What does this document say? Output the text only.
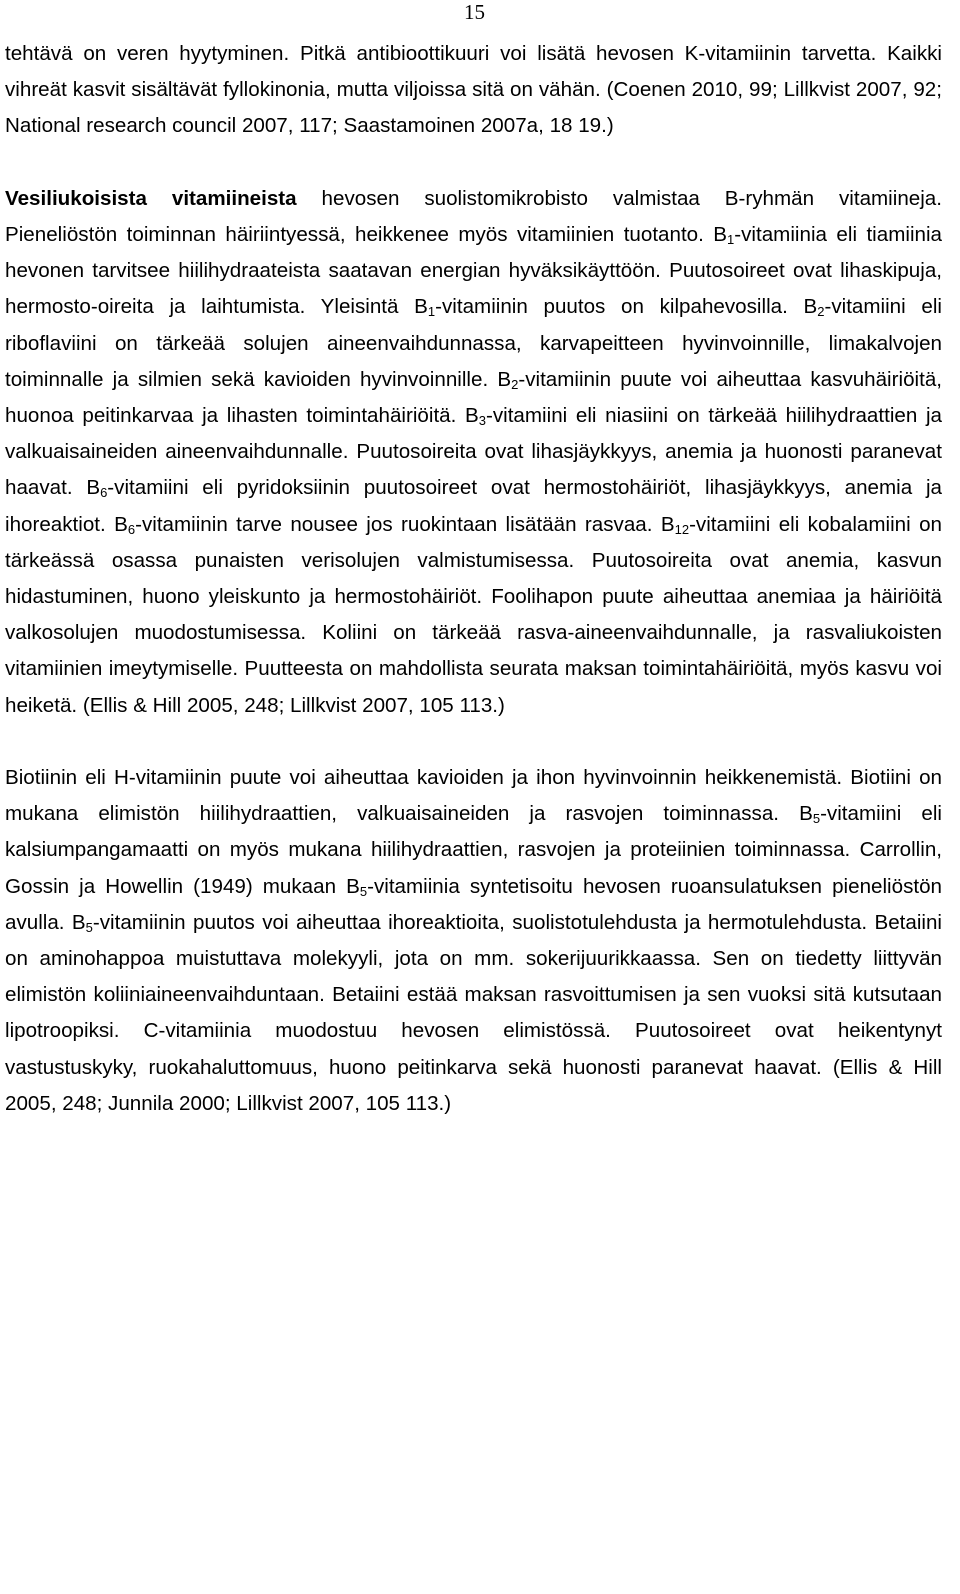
15

tehtävä on veren hyytyminen. Pitkä antibioottikuuri voi lisätä hevosen K-vitamiinin tarvetta. Kaikki vihreät kasvit sisältävät fyllokinonia, mutta viljoissa sitä on vähän. (Coenen 2010, 99; Lillkvist 2007, 92; National research council 2007, 117; Saastamoinen 2007a, 18 19.)

Vesiliukoisista vitamiineista hevosen suolistomikrobisto valmistaa B-ryhmän vitamiineja. Pieneliöstön toiminnan häiriintyessä, heikkenee myös vitamiinien tuotanto. $B_1$-vitamiinia eli tiamiinia hevonen tarvitsee hiilihydraateista saatavan energian hyväksikäyttöön. Puutosoireet ovat lihaskipuja, hermosto-oireita ja laihtumista. Yleisintä $B_1$-vitamiinin puutos on kilpahevosilla. $B_2$-vitamiini eli riboflaviini on tärkeää solujen aineenvaihdunnassa, karvapeitteen hyvinvoinnille, limakalvojen toiminnalle ja silmien sekä kavioiden hyvinvoinnille. $B_2$-vitamiinin puute voi aiheuttaa kasvuhäiriöitä, huonoa peitinkarvaa ja lihasten toimintahäiriöitä. $B_3$-vitamiini eli niasiini on tärkeää hiilihydraattien ja valkuaisaineiden aineenvaihdunnalle. Puutosoireita ovat lihasjäykkyys, anemia ja huonosti paranevat haavat. $B_6$-vitamiini eli pyridoksiinin puutosoireet ovat hermostohäiriöt, lihasjäykkyys, anemia ja ihoreaktiot. $B_6$-vitamiinin tarve nousee jos ruokintaan lisätään rasvaa. $B_{12}$-vitamiini eli kobalamiini on tärkeässä osassa punaisten verisolujen valmistumisessa. Puutosoireita ovat anemia, kasvun hidastuminen, huono yleiskunto ja hermostohäiriöt. Foolihapon puute aiheuttaa anemiaa ja häiriöitä valkosolujen muodostumisessa. Koliini on tärkeää rasva-aineenvaihdunnalle, ja rasvaliukoisten vitamiinien imeytymiselle. Puutteesta on mahdollista seurata maksan toimintahäiriöitä, myös kasvu voi heiketä. (Ellis & Hill 2005, 248; Lillkvist 2007, 105 113.)

Biotiinin eli H-vitamiinin puute voi aiheuttaa kavioiden ja ihon hyvinvoinnin heikkenemistä. Biotiini on mukana elimistön hiilihydraattien, valkuaisaineiden ja rasvojen toiminnassa. $B_5$-vitamiini eli kalsiumpangamaatti on myös mukana hiilihydraattien, rasvojen ja proteiinien toiminnassa. Carrollin, Gossin ja Howellin (1949) mukaan $B_5$-vitamiinia syntetisoitu hevosen ruoansulatuksen pieneliöstön avulla. $B_5$-vitamiinin puutos voi aiheuttaa ihoreaktioita, suolistotulehdusta ja hermotulehdusta. Betaiini on aminohappoa muistuttava molekyyli, jota on mm. sokerijuurikkaassa. Sen on tiedetty liittyvän elimistön koliiniaineenvaihduntaan. Betaiini estää maksan rasvoittumisen ja sen vuoksi sitä kutsutaan lipotroopiksi. C-vitamiinia muodostuu hevosen elimistössä. Puutosoireet ovat heikentynyt vastustuskyky, ruokahaluttomuus, huono peitinkarva sekä huonosti paranevat haavat. (Ellis & Hill 2005, 248; Junnila 2000; Lillkvist 2007, 105 113.)
